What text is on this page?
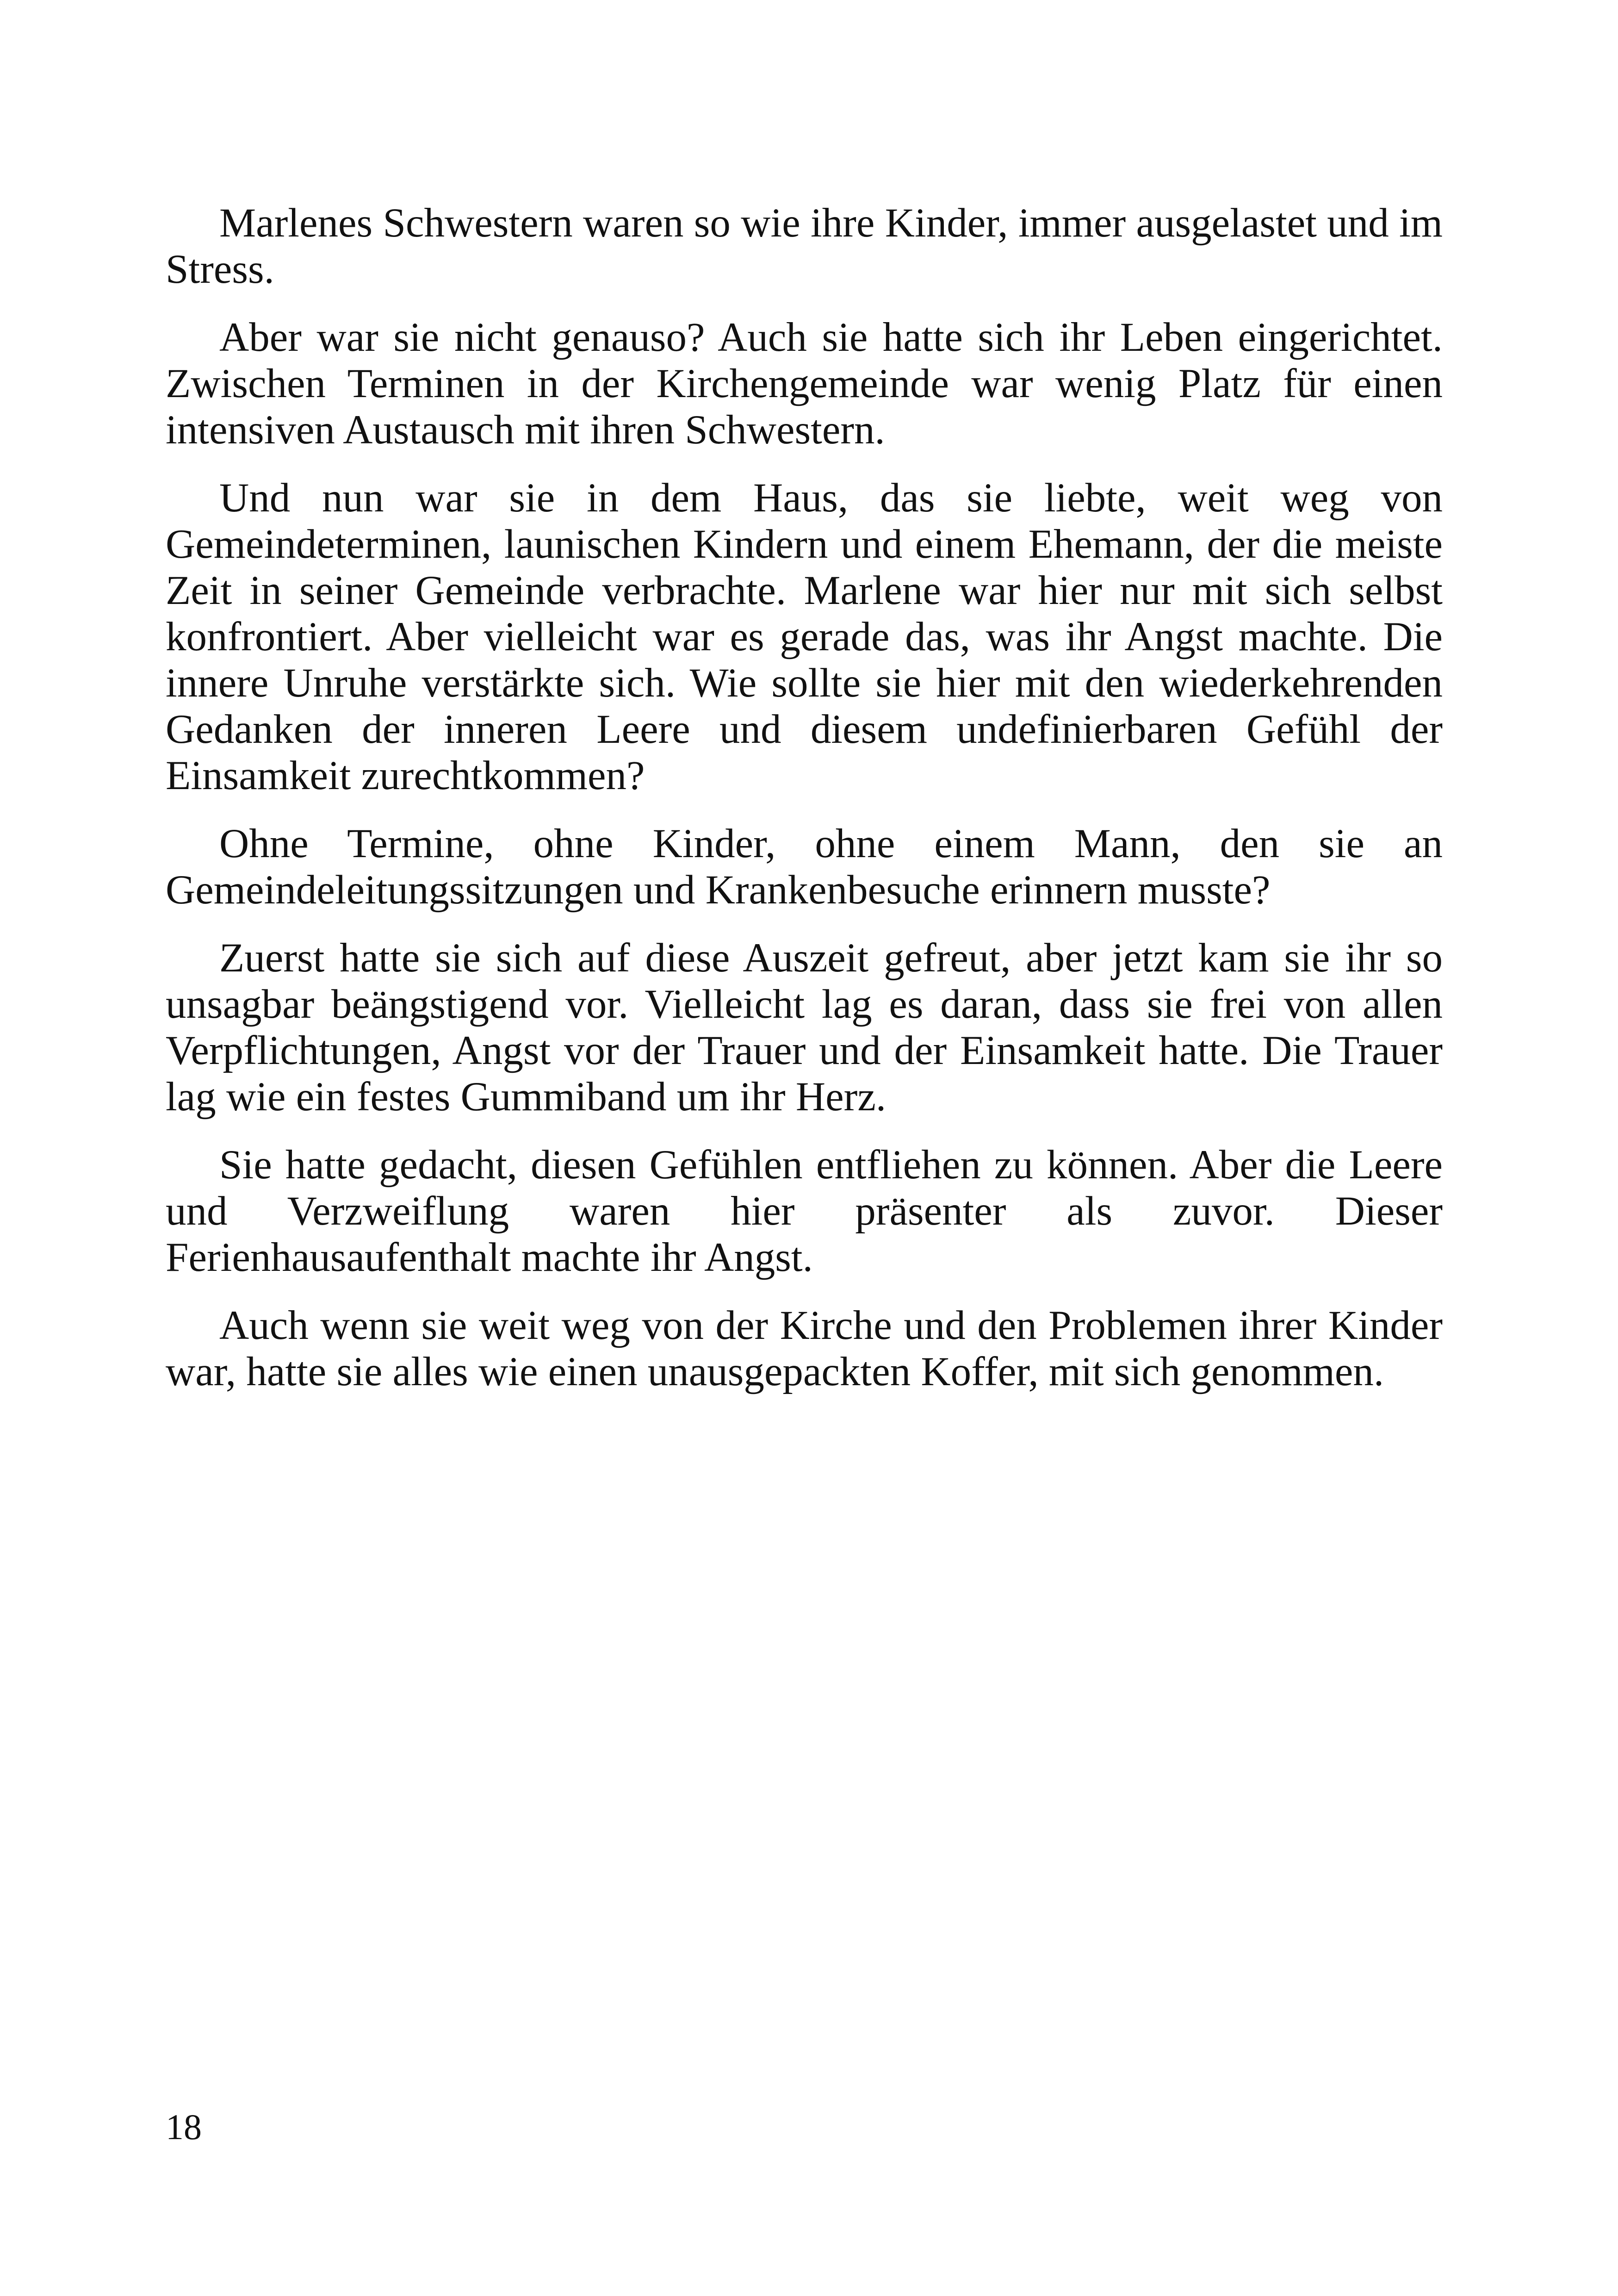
Marlenes Schwestern waren so wie ihre Kinder, immer ausgelastet und im Stress.

Aber war sie nicht genauso? Auch sie hatte sich ihr Leben eingerichtet. Zwischen Terminen in der Kirchengemeinde war wenig Platz für einen intensiven Austausch mit ihren Schwestern.

Und nun war sie in dem Haus, das sie liebte, weit weg von Gemeindeterminen, launischen Kindern und einem Ehemann, der die meiste Zeit in seiner Gemeinde verbrachte. Marlene war hier nur mit sich selbst konfrontiert. Aber vielleicht war es gerade das, was ihr Angst machte. Die innere Unruhe verstärkte sich. Wie sollte sie hier mit den wiederkehrenden Gedanken der inneren Leere und diesem undefinierbaren Gefühl der Einsamkeit zurechtkommen?

Ohne Termine, ohne Kinder, ohne einem Mann, den sie an Gemeindeleitungssitzungen und Krankenbesuche erinnern musste?

Zuerst hatte sie sich auf diese Auszeit gefreut, aber jetzt kam sie ihr so unsagbar beängstigend vor. Vielleicht lag es daran, dass sie frei von allen Verpflichtungen, Angst vor der Trauer und der Einsamkeit hatte. Die Trauer lag wie ein festes Gummiband um ihr Herz.

Sie hatte gedacht, diesen Gefühlen entfliehen zu können. Aber die Leere und Verzweiflung waren hier präsenter als zuvor. Dieser Ferienhausaufenthalt machte ihr Angst.

Auch wenn sie weit weg von der Kirche und den Problemen ihrer Kinder war, hatte sie alles wie einen unausgepackten Koffer, mit sich genommen.

18
